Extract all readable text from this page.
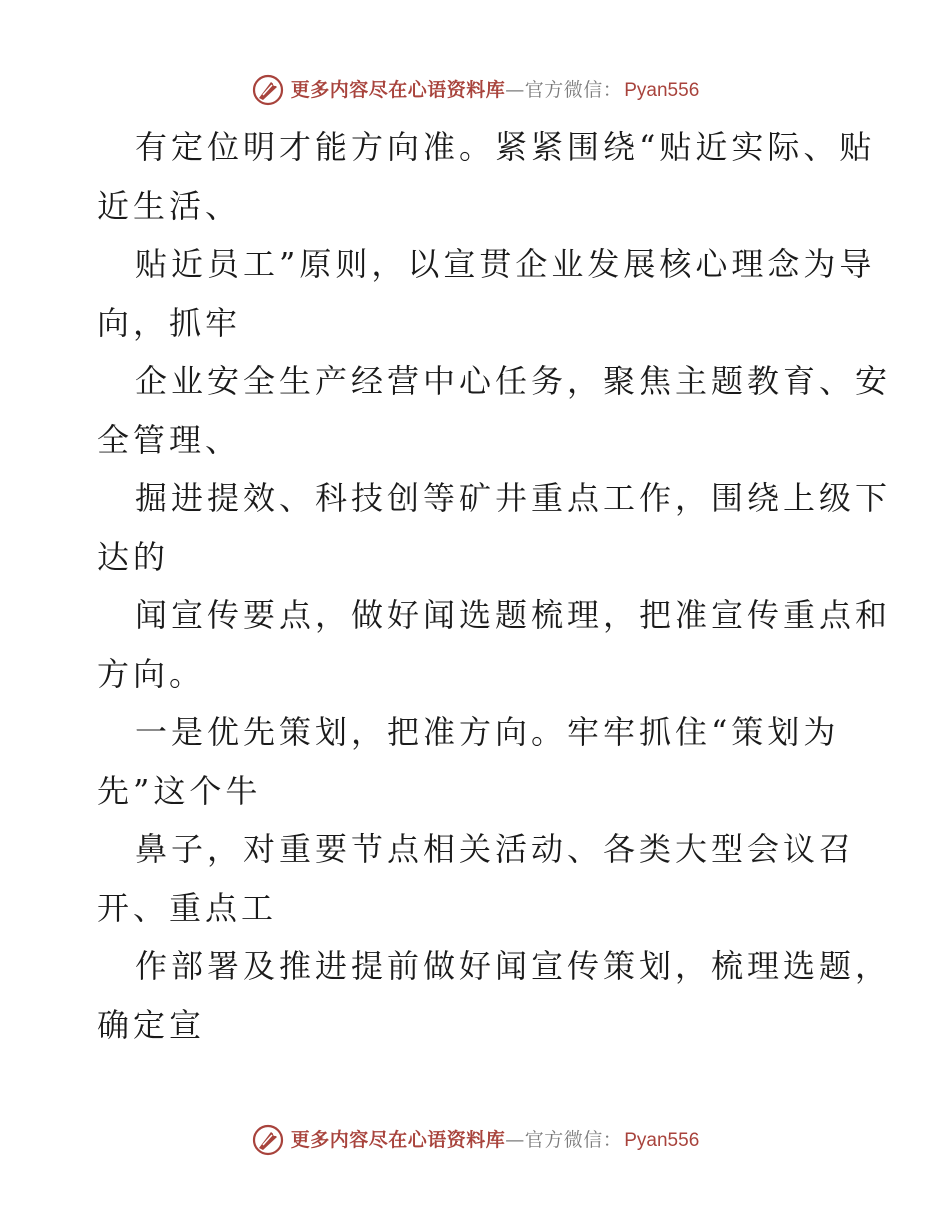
更多内容尽在心语资料库 —官方微信： Pyan556
有定位明才能方向准。紧紧围绕“贴近实际、贴
近生活、
贴近员工”原则，以宣贯企业发展核心理念为导
向，抓牢
企业安全生产经营中心任务，聚焦主题教育、安
全管理、
掘进提效、科技创等矿井重点工作，围绕上级下
达的
闻宣传要点，做好闻选题梳理，把准宣传重点和
方向。
一是优先策划，把准方向。牢牢抓住“策划为
先”这个牛
鼻子，对重要节点相关活动、各类大型会议召
开、重点工
作部署及推进提前做好闻宣传策划，梳理选题，
确定宣
更多内容尽在心语资料库 —官方微信： Pyan556
